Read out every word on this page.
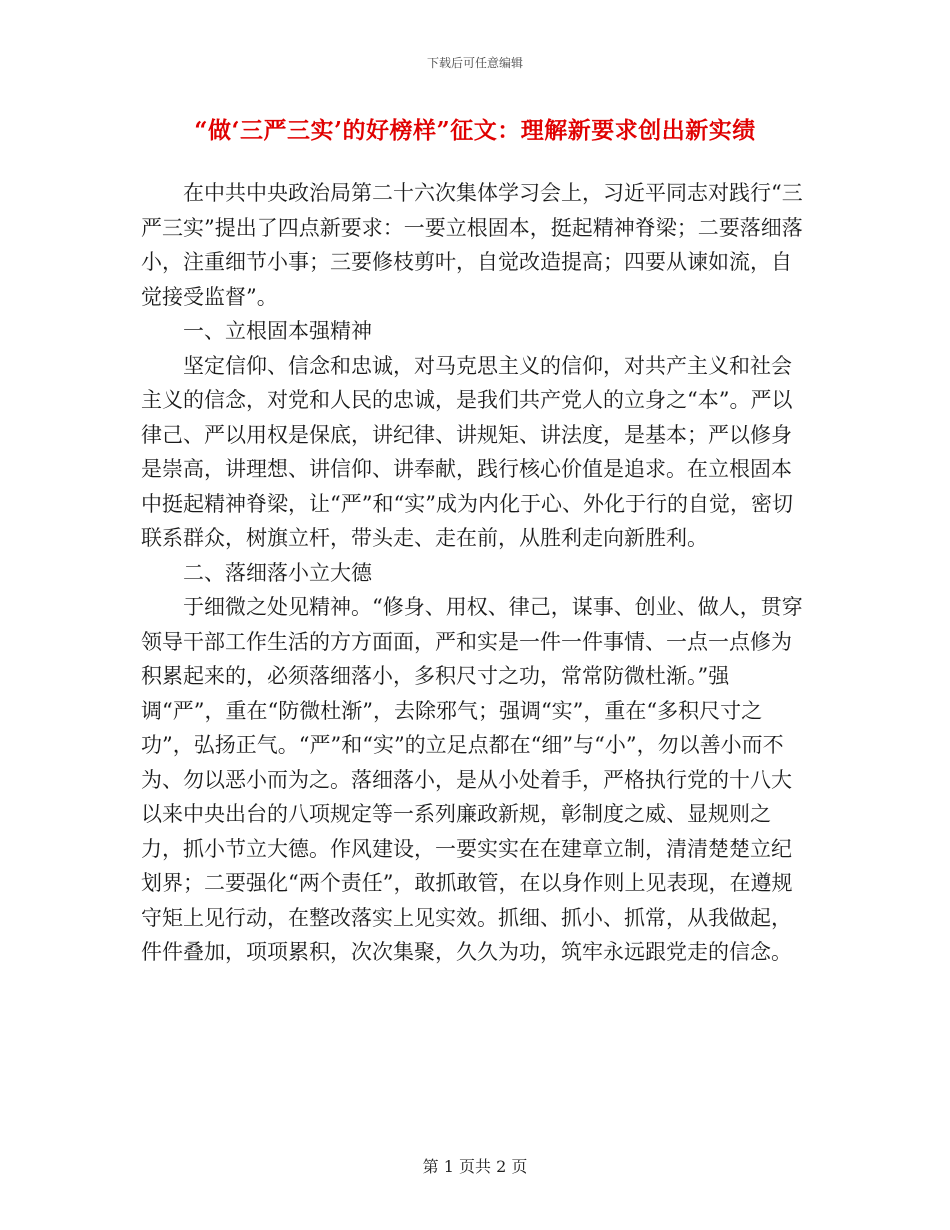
下载后可任意编辑
“做‘三严三实’的好榜样”征文：理解新要求创出新实绩

在中共中央政治局第二十六次集体学习会上，习近平同志对践行“三严三实”提出了四点新要求：一要立根固本，挺起精神脊梁；二要落细落小，注重细节小事；三要修枝剪叶，自觉改造提高；四要从谏如流，自觉接受监督”。

一、立根固本强精神

坚定信仰、信念和忠诚，对马克思主义的信仰，对共产主义和社会主义的信念，对党和人民的忠诚，是我们共产党人的立身之“本”。严以律己、严以用权是保底，讲纪律、讲规矩、讲法度，是基本；严以修身是崇高，讲理想、讲信仰、讲奉献，践行核心价值是追求。在立根固本中挺起精神脊梁，让“严”和“实”成为内化于心、外化于行的自觉，密切联系群众，树旗立杆，带头走、走在前，从胜利走向新胜利。

二、落细落小立大德

于细微之处见精神。“修身、用权、律己，谋事、创业、做人，贯穿领导干部工作生活的方方面面，严和实是一件一件事情、一点一点修为积累起来的，必须落细落小，多积尺寸之功，常常防微杜渐。”强调“严”，重在“防微杜渐”，去除邪气；强调“实”，重在“多积尺寸之功”，弘扬正气。“严”和“实”的立足点都在“细”与“小”，勿以善小而不为、勿以恶小而为之。落细落小，是从小处着手，严格执行党的十八大以来中央出台的八项规定等一系列廉政新规，彰制度之威、显规则之力，抓小节立大德。作风建设，一要实实在在建章立制，清清楚楚立纪划界；二要强化“两个责任”，敢抓敢管，在以身作则上见表现，在遵规守矩上见行动，在整改落实上见实效。抓细、抓小、抓常，从我做起，件件叠加，项项累积，次次集聚，久久为功，筑牢永远跟党走的信念。

第 1 页共 2 页
